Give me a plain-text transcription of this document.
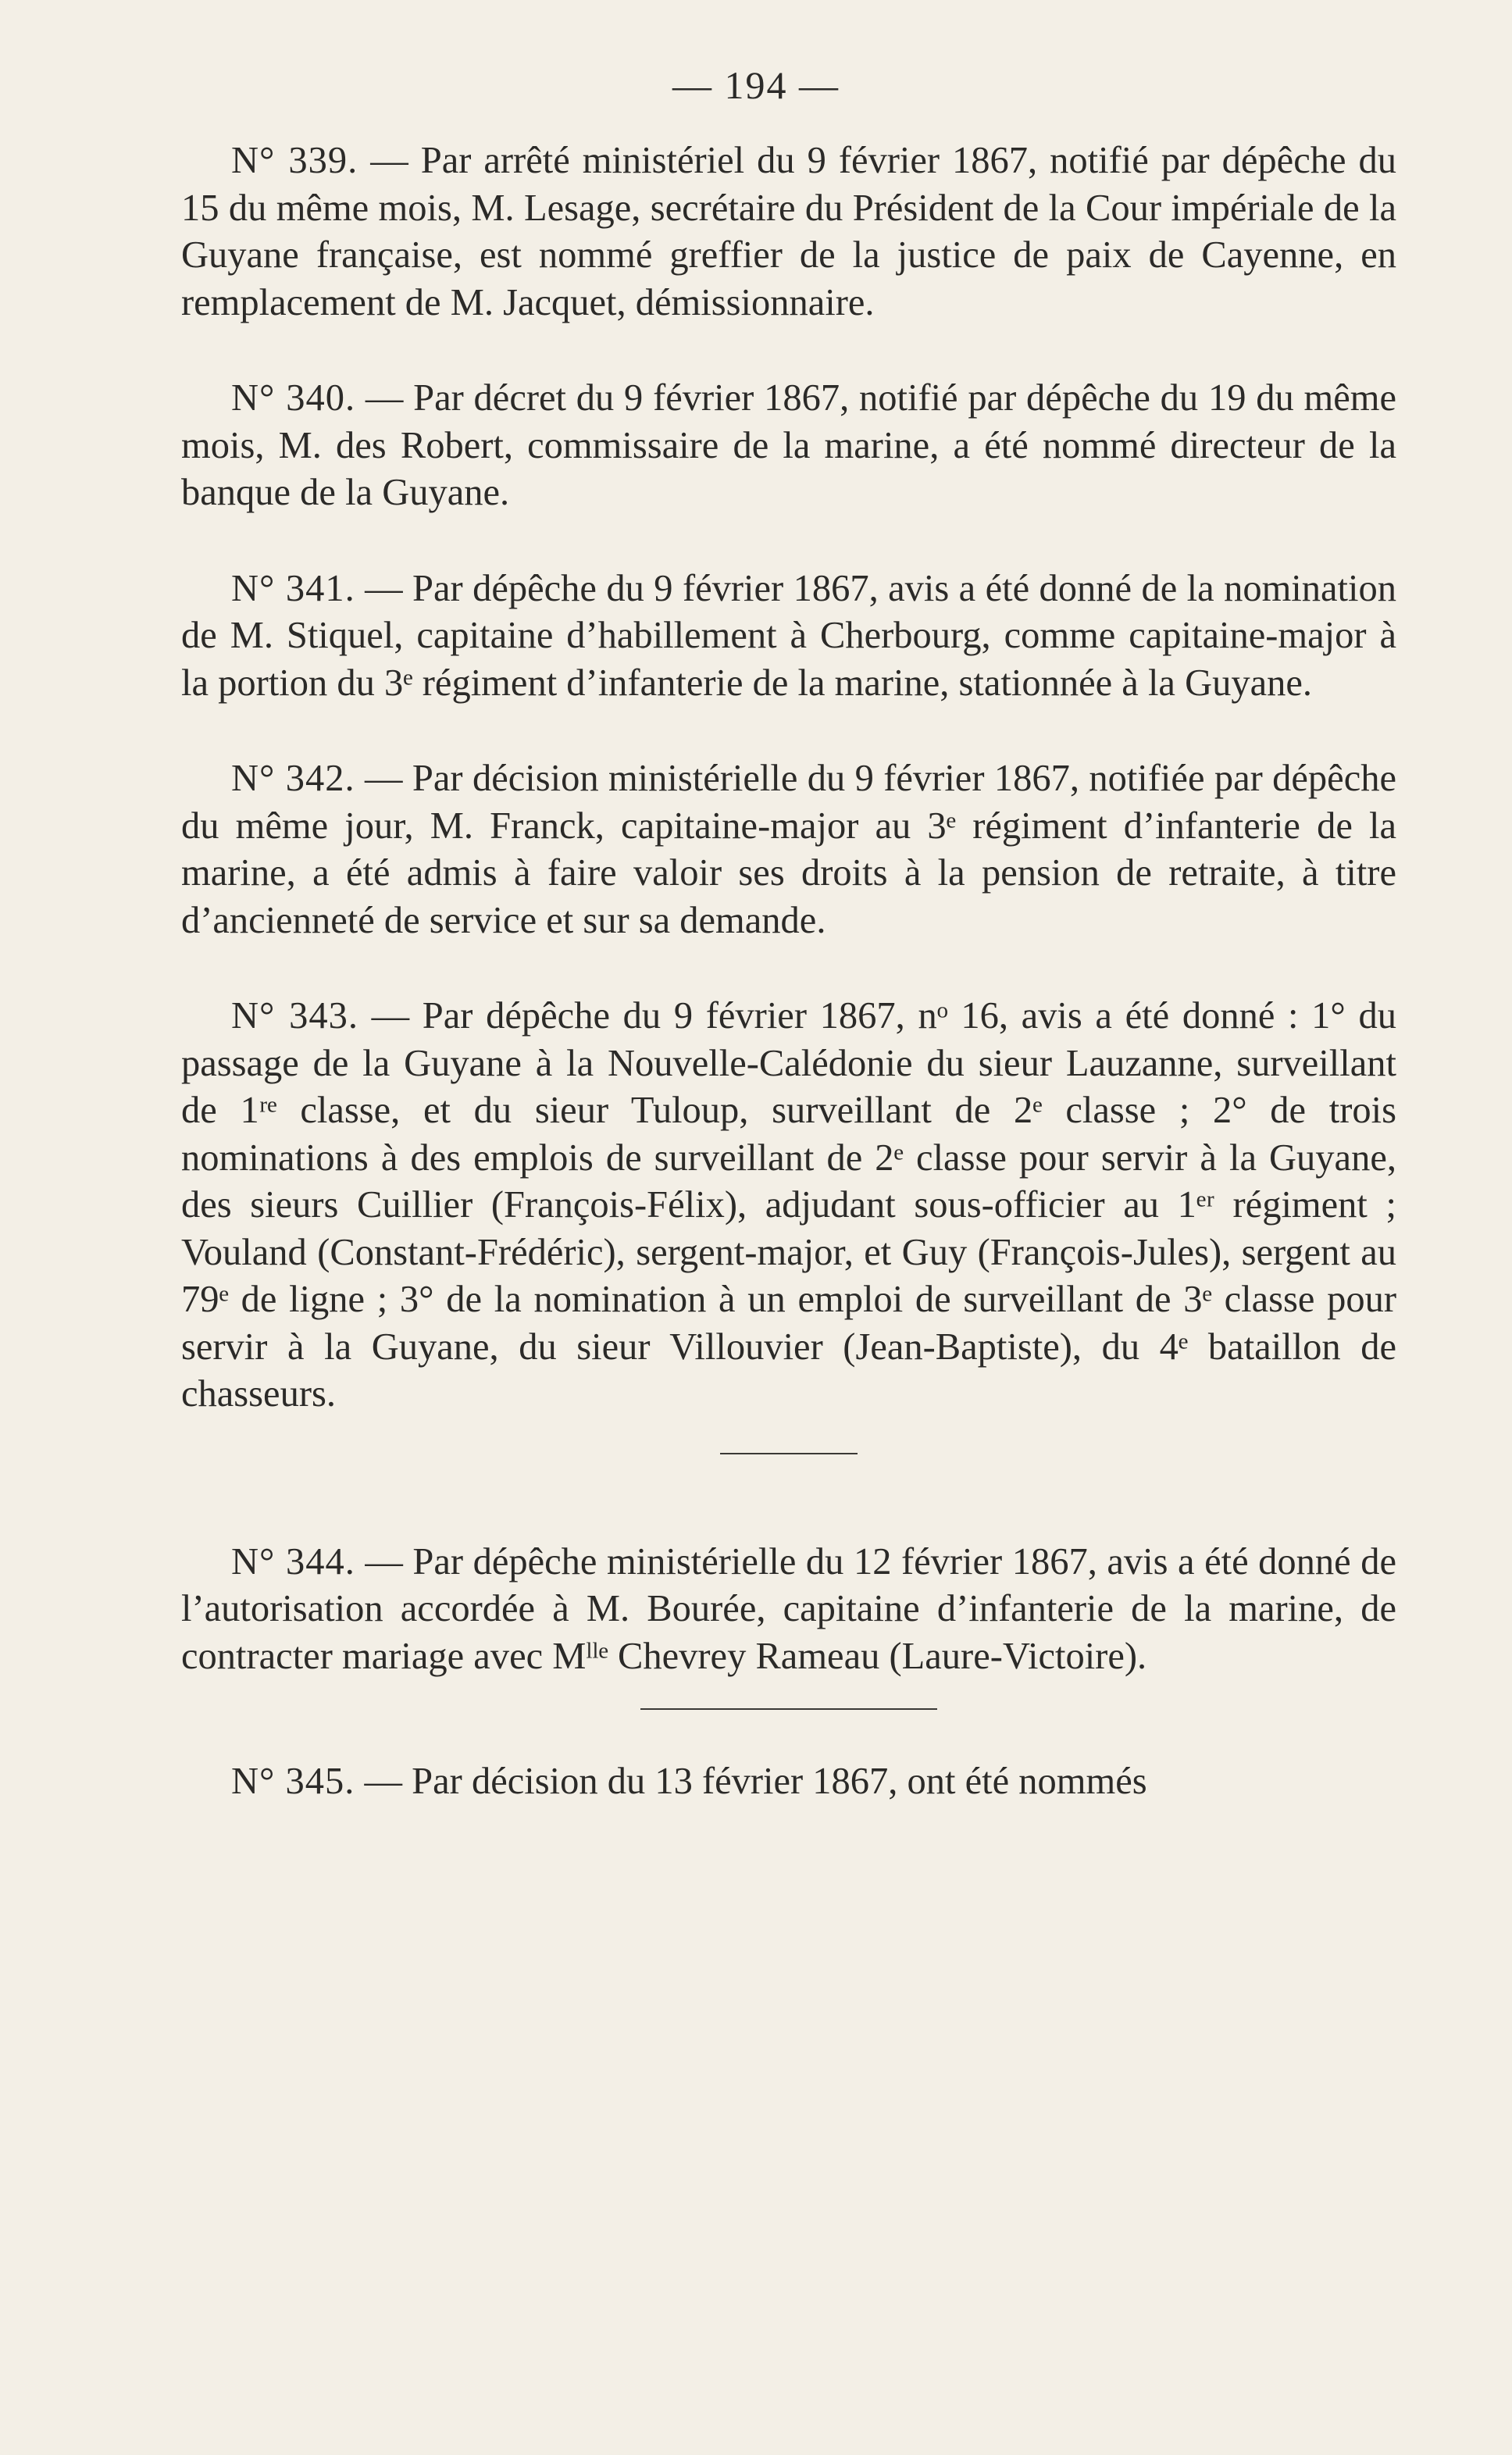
— 194 —

N° 339. — Par arrêté ministériel du 9 février 1867, notifié par dépêche du 15 du même mois, M. Lesage, secrétaire du Président de la Cour impériale de la Guyane française, est nommé greffier de la justice de paix de Cayenne, en remplacement de M. Jacquet, démissionnaire.

N° 340. — Par décret du 9 février 1867, notifié par dépêche du 19 du même mois, M. des Robert, commissaire de la marine, a été nommé directeur de la banque de la Guyane.

N° 341. — Par dépêche du 9 février 1867, avis a été donné de la nomination de M. Stiquel, capitaine d’habillement à Cherbourg, comme capitaine-major à la portion du 3ᵉ régiment d’infanterie de la marine, stationnée à la Guyane.

N° 342. — Par décision ministérielle du 9 février 1867, notifiée par dépêche du même jour, M. Franck, capitaine-major au 3ᵉ régiment d’infanterie de la marine, a été admis à faire valoir ses droits à la pension de retraite, à titre d’ancienneté de service et sur sa demande.

N° 343. — Par dépêche du 9 février 1867, nᵒ 16, avis a été donné : 1° du passage de la Guyane à la Nouvelle-Calédonie du sieur Lauzanne, surveillant de 1ʳᵉ classe, et du sieur Tuloup, surveillant de 2ᵉ classe ; 2° de trois nominations à des emplois de surveillant de 2ᵉ classe pour servir à la Guyane, des sieurs Cuillier (François-Félix), adjudant sous-officier au 1ᵉʳ régiment ; Vouland (Constant-Frédéric), sergent-major, et Guy (François-Jules), sergent au 79ᵉ de ligne ; 3° de la nomination à un emploi de surveillant de 3ᵉ classe pour servir à la Guyane, du sieur Villouvier (Jean-Baptiste), du 4ᵉ bataillon de chasseurs.

N° 344. — Par dépêche ministérielle du 12 février 1867, avis a été donné de l’autorisation accordée à M. Bourée, capitaine d’infanterie de la marine, de contracter mariage avec Mˡˡᵉ Chevrey Rameau (Laure-Victoire).

N° 345. — Par décision du 13 février 1867, ont été nommés
